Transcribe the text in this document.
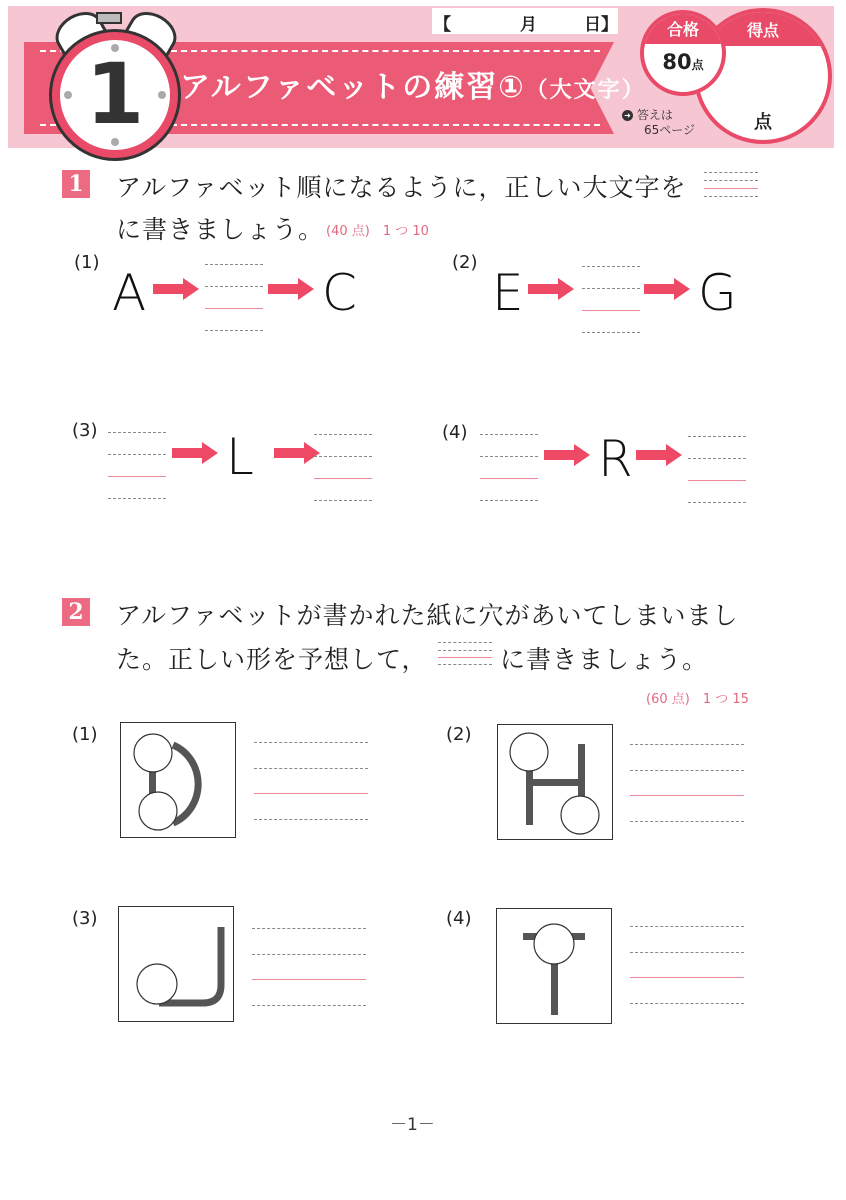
1	アルファベットの練習①（大文字）
【	月	日】	得点
点
合格
80点
➜ 答えは
65ページ
1 アルファベット順になるように，正しい大文字を
に書きましょう。 (40 点)　1 つ 10
(1)
A	C
(2)
E	G
(3)	L	(4)	R
2 アルファベットが書かれた紙に穴があいてしまいまし
た。正しい形を予想して，	に書きましょう。
(60 点)　1 つ 15
(1)	(2)
(3)	(4)
－1－
